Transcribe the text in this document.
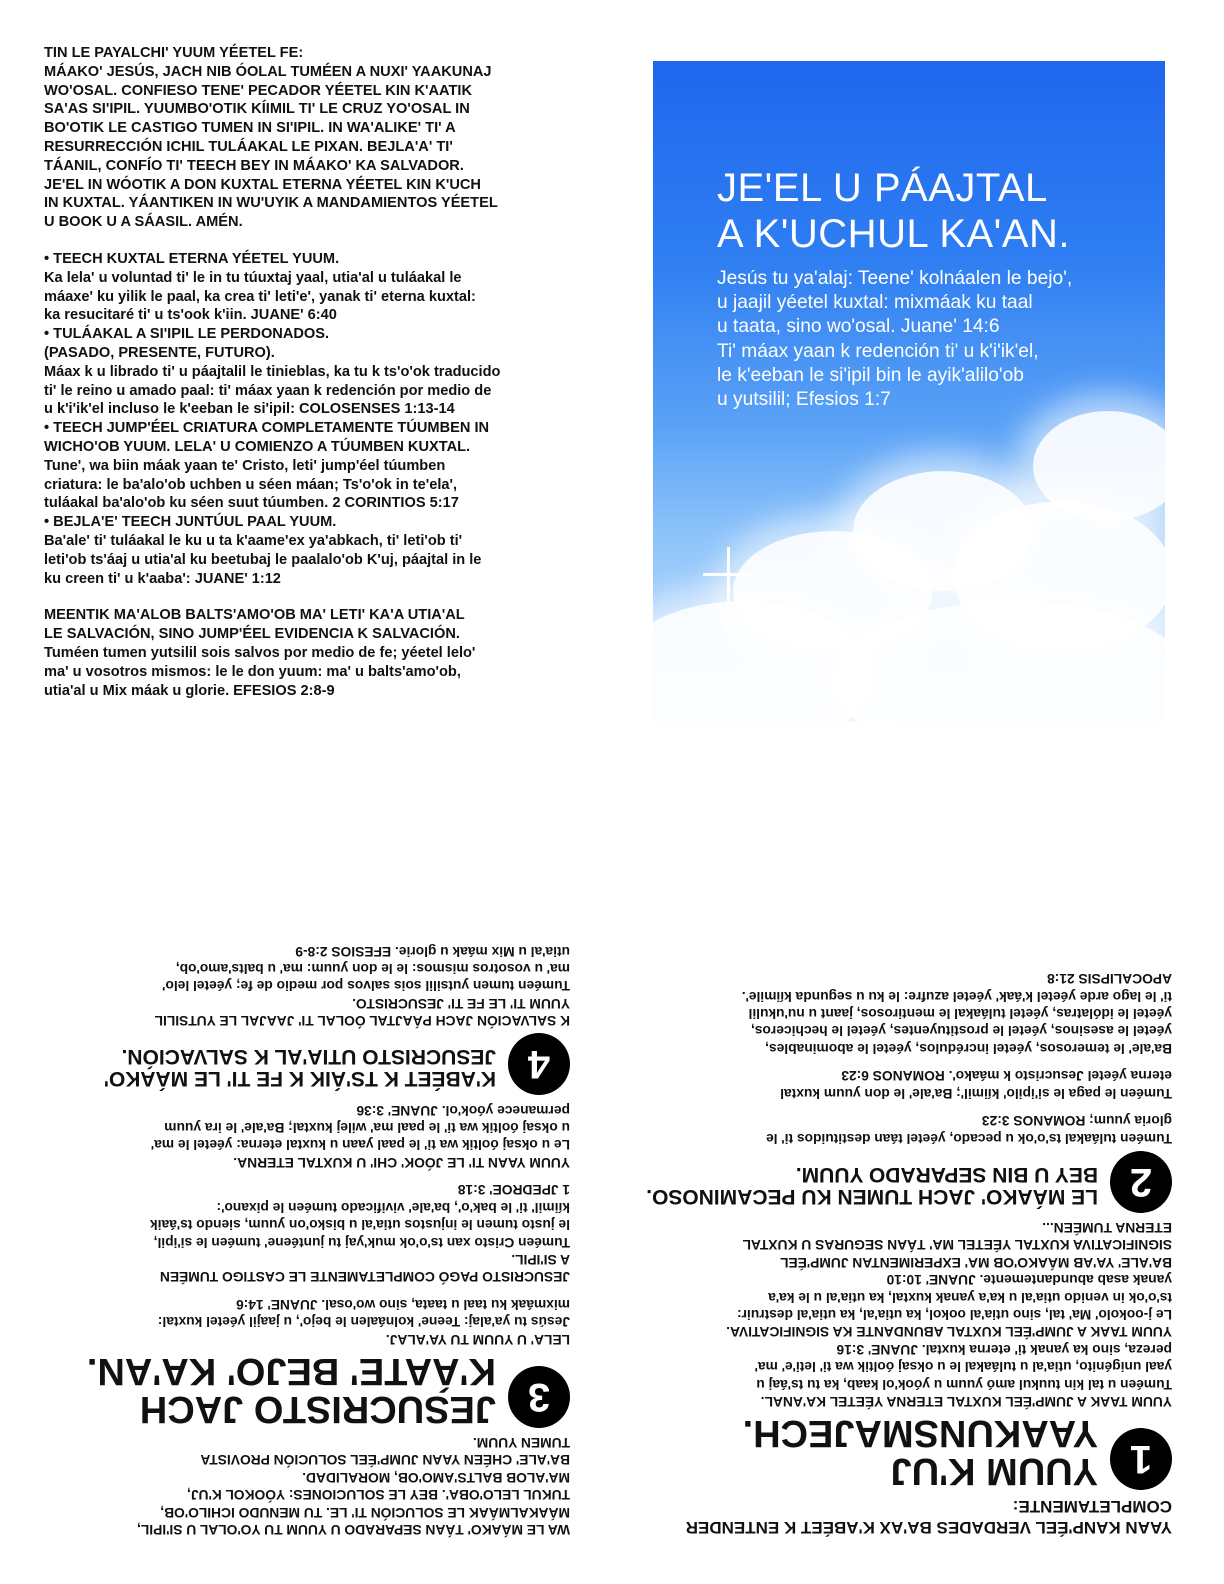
TIN LE PAYALCHI' YUUM YÉETEL FE:

MÁAKO' JESÚS, JACH NIB ÓOLAL TUMÉEN A NUXI' YAAKUNAJ

WO'OSAL. CONFIESO TENE' PECADOR YÉETEL KIN K'AATIK

SA'AS SI'IPIL. YUUMBO'OTIK KÍIMIL TI' LE CRUZ YO'OSAL IN

BO'OTIK LE CASTIGO TUMEN IN SI'IPIL. IN WA'ALIKE' TI' A

RESURRECCIÓN ICHIL TULÁAKAL LE PIXAN. BEJLA'A' TI'

TÁANIL, CONFÍO TI' TEECH BEY IN MÁAKO' KA SALVADOR.

JE'EL IN WÓOTIK A DON KUXTAL ETERNA YÉETEL KIN K'UCH

IN KUXTAL. YÁANTIKEN IN WU'UYIK A MANDAMIENTOS YÉETEL

U BOOK U A SÁASIL. AMÉN.

• TEECH KUXTAL ETERNA YÉETEL YUUM.

Ka lela' u voluntad ti' le in tu túuxtaj yaal, utia'al u tuláakal le

máaxe' ku yilik le paal, ka crea ti' leti'e', yanak ti' eterna kuxtal:

ka resucitaré ti' u ts'ook k'iin. JUANE' 6:40

• TULÁAKAL A SI'IPIL LE PERDONADOS.

(PASADO, PRESENTE, FUTURO).

Máax k u librado ti' u páajtalil le tinieblas, ka tu k ts'o'ok traducido

ti' le reino u amado paal: ti' máax yaan k redención por medio de

u k'i'ik'el incluso le k'eeban le si'ipil: COLOSENSES 1:13-14

• TEECH JUMP'ÉEL CRIATURA COMPLETAMENTE TÚUMBEN IN

WICHO'OB YUUM. LELA' U COMIENZO A TÚUMBEN KUXTAL.

Tune', wa biin máak yaan te' Cristo, leti' jump'éel túumben

criatura: le ba'alo'ob uchben u séen máan; Ts'o'ok in te'ela',

tuláakal ba'alo'ob ku séen suut túumben. 2 CORINTIOS 5:17

• BEJLA'E' TEECH JUNTÚUL PAAL YUUM.

Ba'ale' ti' tuláakal le ku u ta k'aame'ex ya'abkach, ti' leti'ob ti'

leti'ob ts'áaj u utia'al ku beetubaj le paalalo'ob K'uj, páajtal in le

ku creen ti' u k'aaba': JUANE' 1:12

MEENTIK MA'ALOB BALTS'AMO'OB MA' LETI' KA'A UTIA'AL

LE SALVACIÓN, SINO JUMP'ÉEL EVIDENCIA K SALVACIÓN.

Tuméen tumen yutsilil sois salvos por medio de fe; yéetel lelo'

ma' u vosotros mismos: le le don yuum: ma' u balts'amo'ob,

utia'al u Mix máak u glorie. EFESIOS 2:8-9

JE'EL U PÁAJTAL
A K'UCHUL KA'AN.
Jesús tu ya'alaj: Teene' kolnáalen le bejo',
u jaajil yéetel kuxtal: mixmáak ku taal
u taata, sino wo'osal. Juane' 14:6
Ti' máax yaan k redención ti' u k'i'ik'el,
le k'eeban le si'ipil bin le ayik'alilo'ob
u yutsilil; Efesios 1:7

YAAN KANP'ÉEL VERDADES BA'AX K'ABÉET K ENTENDER COMPLETAMENTE:

1
YUUM K'UJ
YAAKUNSMAJECH.

YUUM TAAK A JUMP'ÉEL KUXTAL ETERNA YÉETEL KA'ANAL.

Tuméen u tal kin tuukul amó yuum u yóok'ol kaab, ka tu ts'áaj u

yaal unigénito, utia'al u tuláakal le u oksaj óoltik wa ti' leti'e' ma'

pereza, sino ka yanak ti' eterna kuxtal. JUANE' 3:16

YUUM TAAK A JUMP'ÉEL KUXTAL ABUNDANTE KA SIGNIFICATIVA.

Le j-ookolo' Ma' tal, sino utia'al ookol, ka utia'al, ka utia'al destruir:

ts'o'ok in venido utia'al u ka'a yanak kuxtal, ka utia'al u le ka'a

yanak asab abundantemente. JUANE' 10:10

BA'ALE' YA'AB MÁAKO'OB MA' EXPERIMENTAN JUMP'ÉEL

SIGNIFICATIVA KUXTAL YÉETEL MA' TÁAN SEGURAS U KUXTAL

ETERNA TUMÉEN...

2
LE MÁAKO' JACH TUMEN KU PECAMINOSO.
BEY U BIN SEPARADO YUUM.

Tuméen tuláakal ts'o'ok u pecado, yéetel táan destituidos ti' le

gloria yuum; ROMANOS 3:23

Tuméen le paga le si'ipilo' kíimil'; Ba'ale' le don yuum kuxtal

eterna yéetel Jesucristo k máako'. ROMANOS 6:23

Ba'ale' le temerosos, yéetel incrédulos, yéetel le abominables,

yéetel le asesinos, yéetel le prostituyentes, yéetel le hechiceros,

yéetel le idólatras, yéetel tuláakal le mentirosos, jaant u nu'ukulil

ti' le lago arde yéetel k'áak' yéetel azufre: le ku u segunda kíimile'.

APOCALIPSIS 21:8

WA LE MÁAKO' TÁAN SEPARADO U YUUM TU YO'OLAL U SI'IPIL,

MÁAKALMÁAK LE SOLUCIÓN TI' LE. TU MENUDO ICHILO'OB,

TUKUL LELO'OBA'. BEY LE SOLUCIONES: YÓOKOL K'UJ,

MA'ALOB BALTS'AMO'OB, MORALIDAD.

BA'ALE' CHÉEN YAAN JUMP'ÉEL SOLUCIÓN PROVISTA

TUMEN YUUM.

3
JESUCRISTO JACH
K'ÁATE' BEJO' KA'AN.

LELA' U YUUM TU YA'ALAJ.

Jesús tu ya'alaj: Teene' kolnáalen le bejo', u jaajil yéetel kuxtal:

mixmáak ku taal u taata, sino wo'osal. JUANE' 14:6

JESUCRISTO PAGÓ COMPLETAMENTE LE CASTIGO TUMÉEN

A SI'IPIL.

Tuméen Cristo xan ts'o'ok muk'yaj tu juntéene' tuméen le si'ipil,

le justo tumen le injustos utia'al u bisko'on yuum, siendo ts'áaik

kíimil' ti' le bak'o', ba'ale' vivificado tuméen le pixano':

1 JPEDROE' 3:18

YUUM YAAN TI' LE JÓOK' CHI' U KUXTAL ETERNA.

Le u oksaj óoltik wa ti' le paal yaan u kuxtal eterna: yéetel le ma'

u oksaj óoltik wa ti' le paal ma' wilej kuxtal; Ba'ale' le ira yuum

permanece yóok'ol. JUANE' 3:36

4
K'ABÉET K TS'ÁIK K FE TI' LE MÁAKO'
JESUCRISTO UTIA'AL K SALVACIÓN.

K SALVACIÓN JACH PÁAJTAL ÓOLAL TI' JAAJAL LE YUTSILIL

YUUM TI' LE FE TI' JESUCRISTO.

Tuméen tumen yutsilil sois salvos por medio de fe; yéetel lelo'

ma' u vosotros mismos: le le don yuum: ma' u balts'amo'ob,

utia'al u Mix máak u glorie. EFESIOS 2:8-9
